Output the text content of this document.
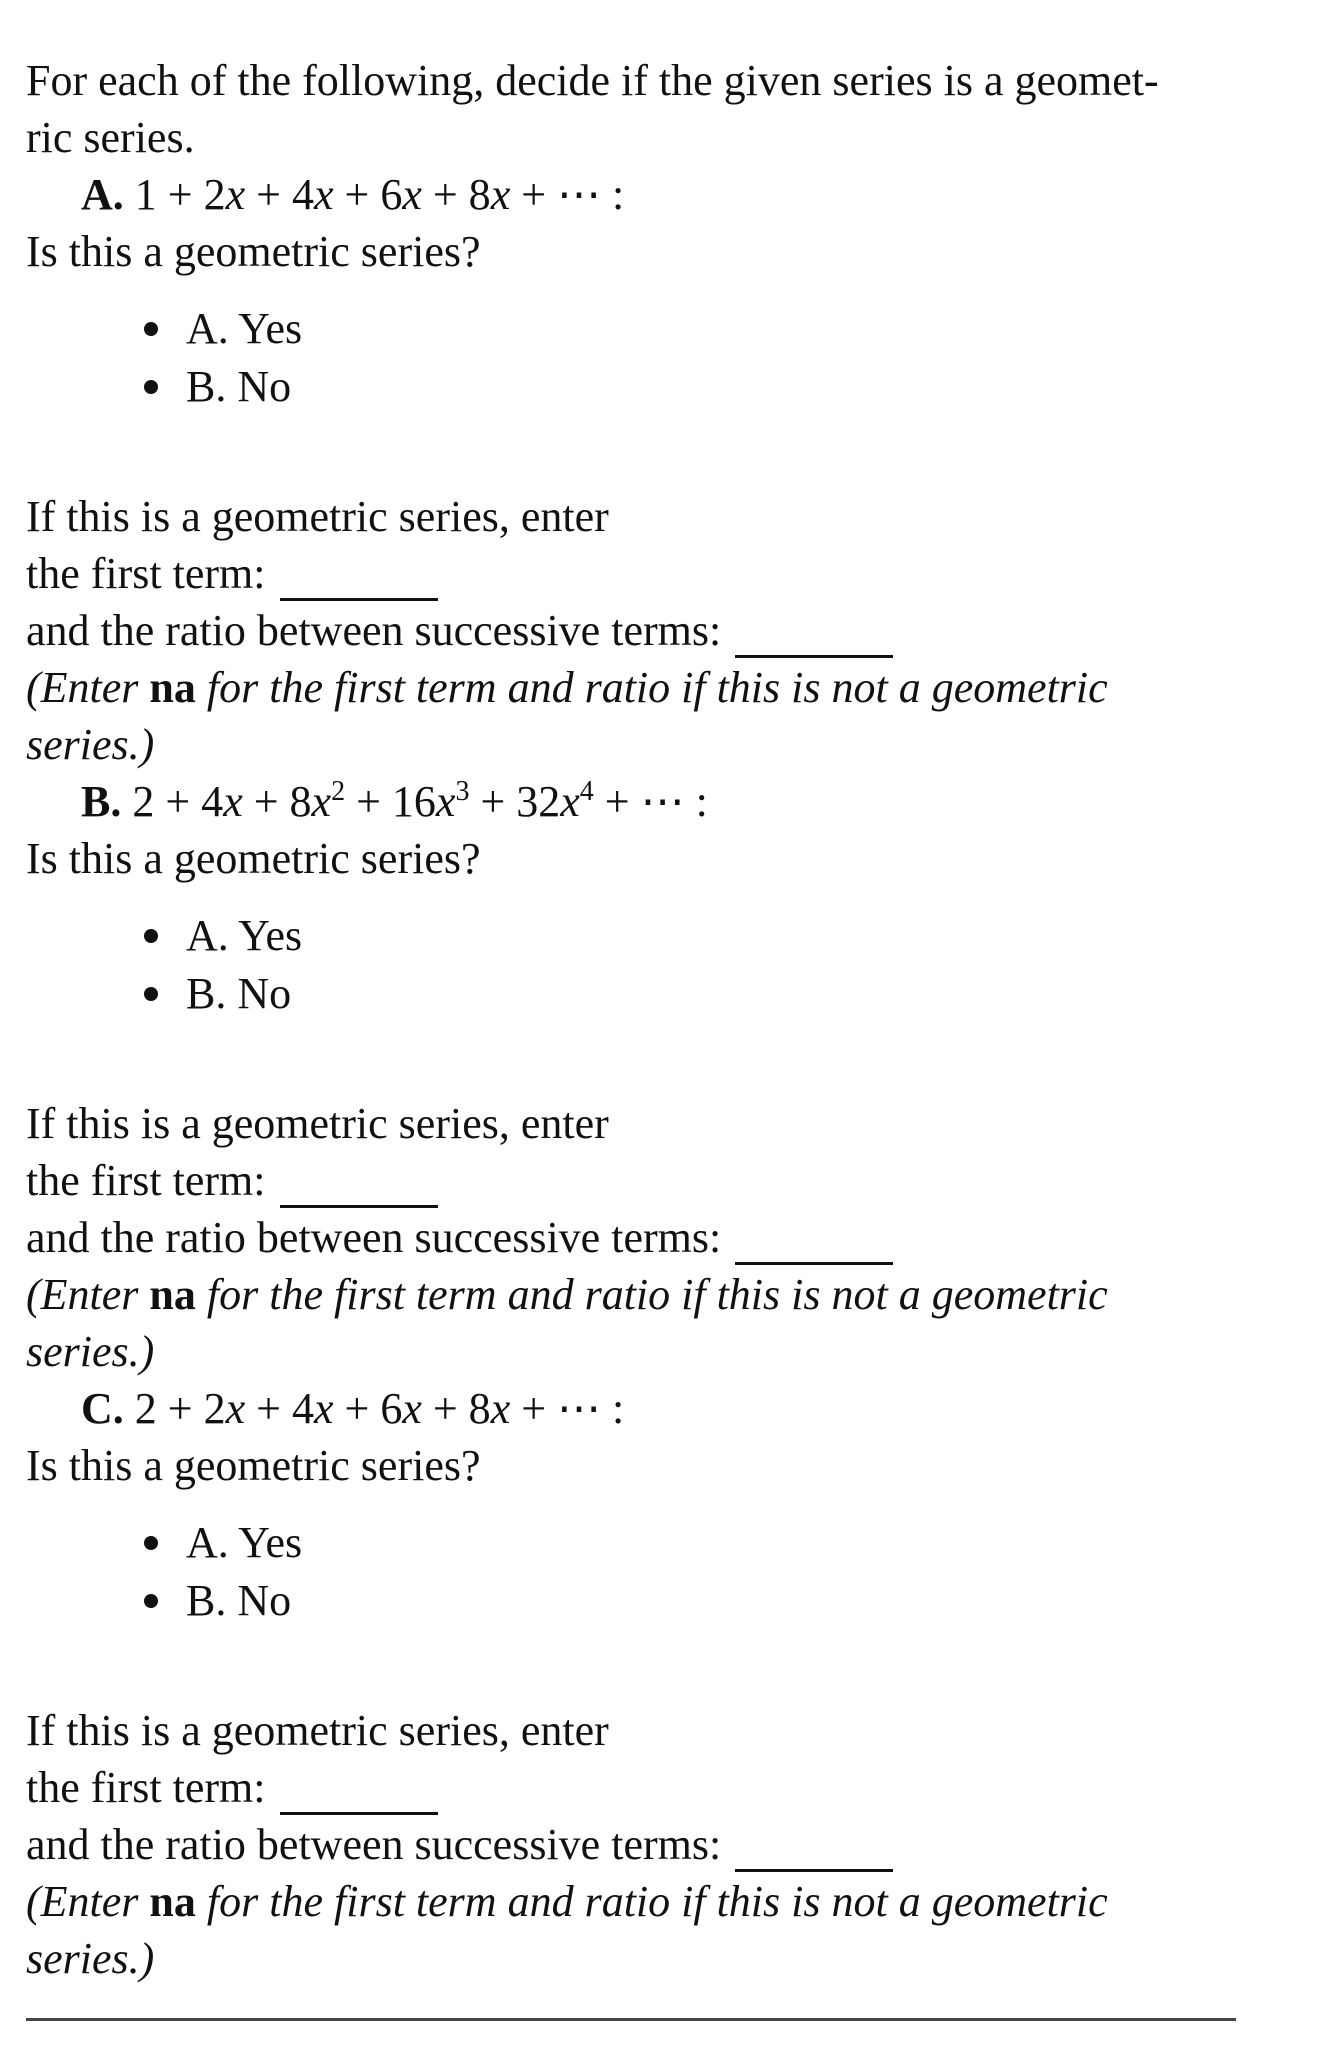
For each of the following, decide if the given series is a geomet-
ric series.
A. 1 + 2x + 4x + 6x + 8x + ⋯ :
Is this a geometric series?
A. Yes
B. No
If this is a geometric series, enter
the first term:
and the ratio between successive terms:
(Enter na for the first term and ratio if this is not a geometric series.)
B. $2 + 4x + 8x^2 + 16x^3 + 32x^4$ + ⋯ :
Is this a geometric series?
A. Yes
B. No
If this is a geometric series, enter
the first term:
and the ratio between successive terms:
(Enter na for the first term and ratio if this is not a geometric series.)
C. 2 + 2x + 4x + 6x + 8x + ⋯ :
Is this a geometric series?
A. Yes
B. No
If this is a geometric series, enter
the first term:
and the ratio between successive terms:
(Enter na for the first term and ratio if this is not a geometric series.)
